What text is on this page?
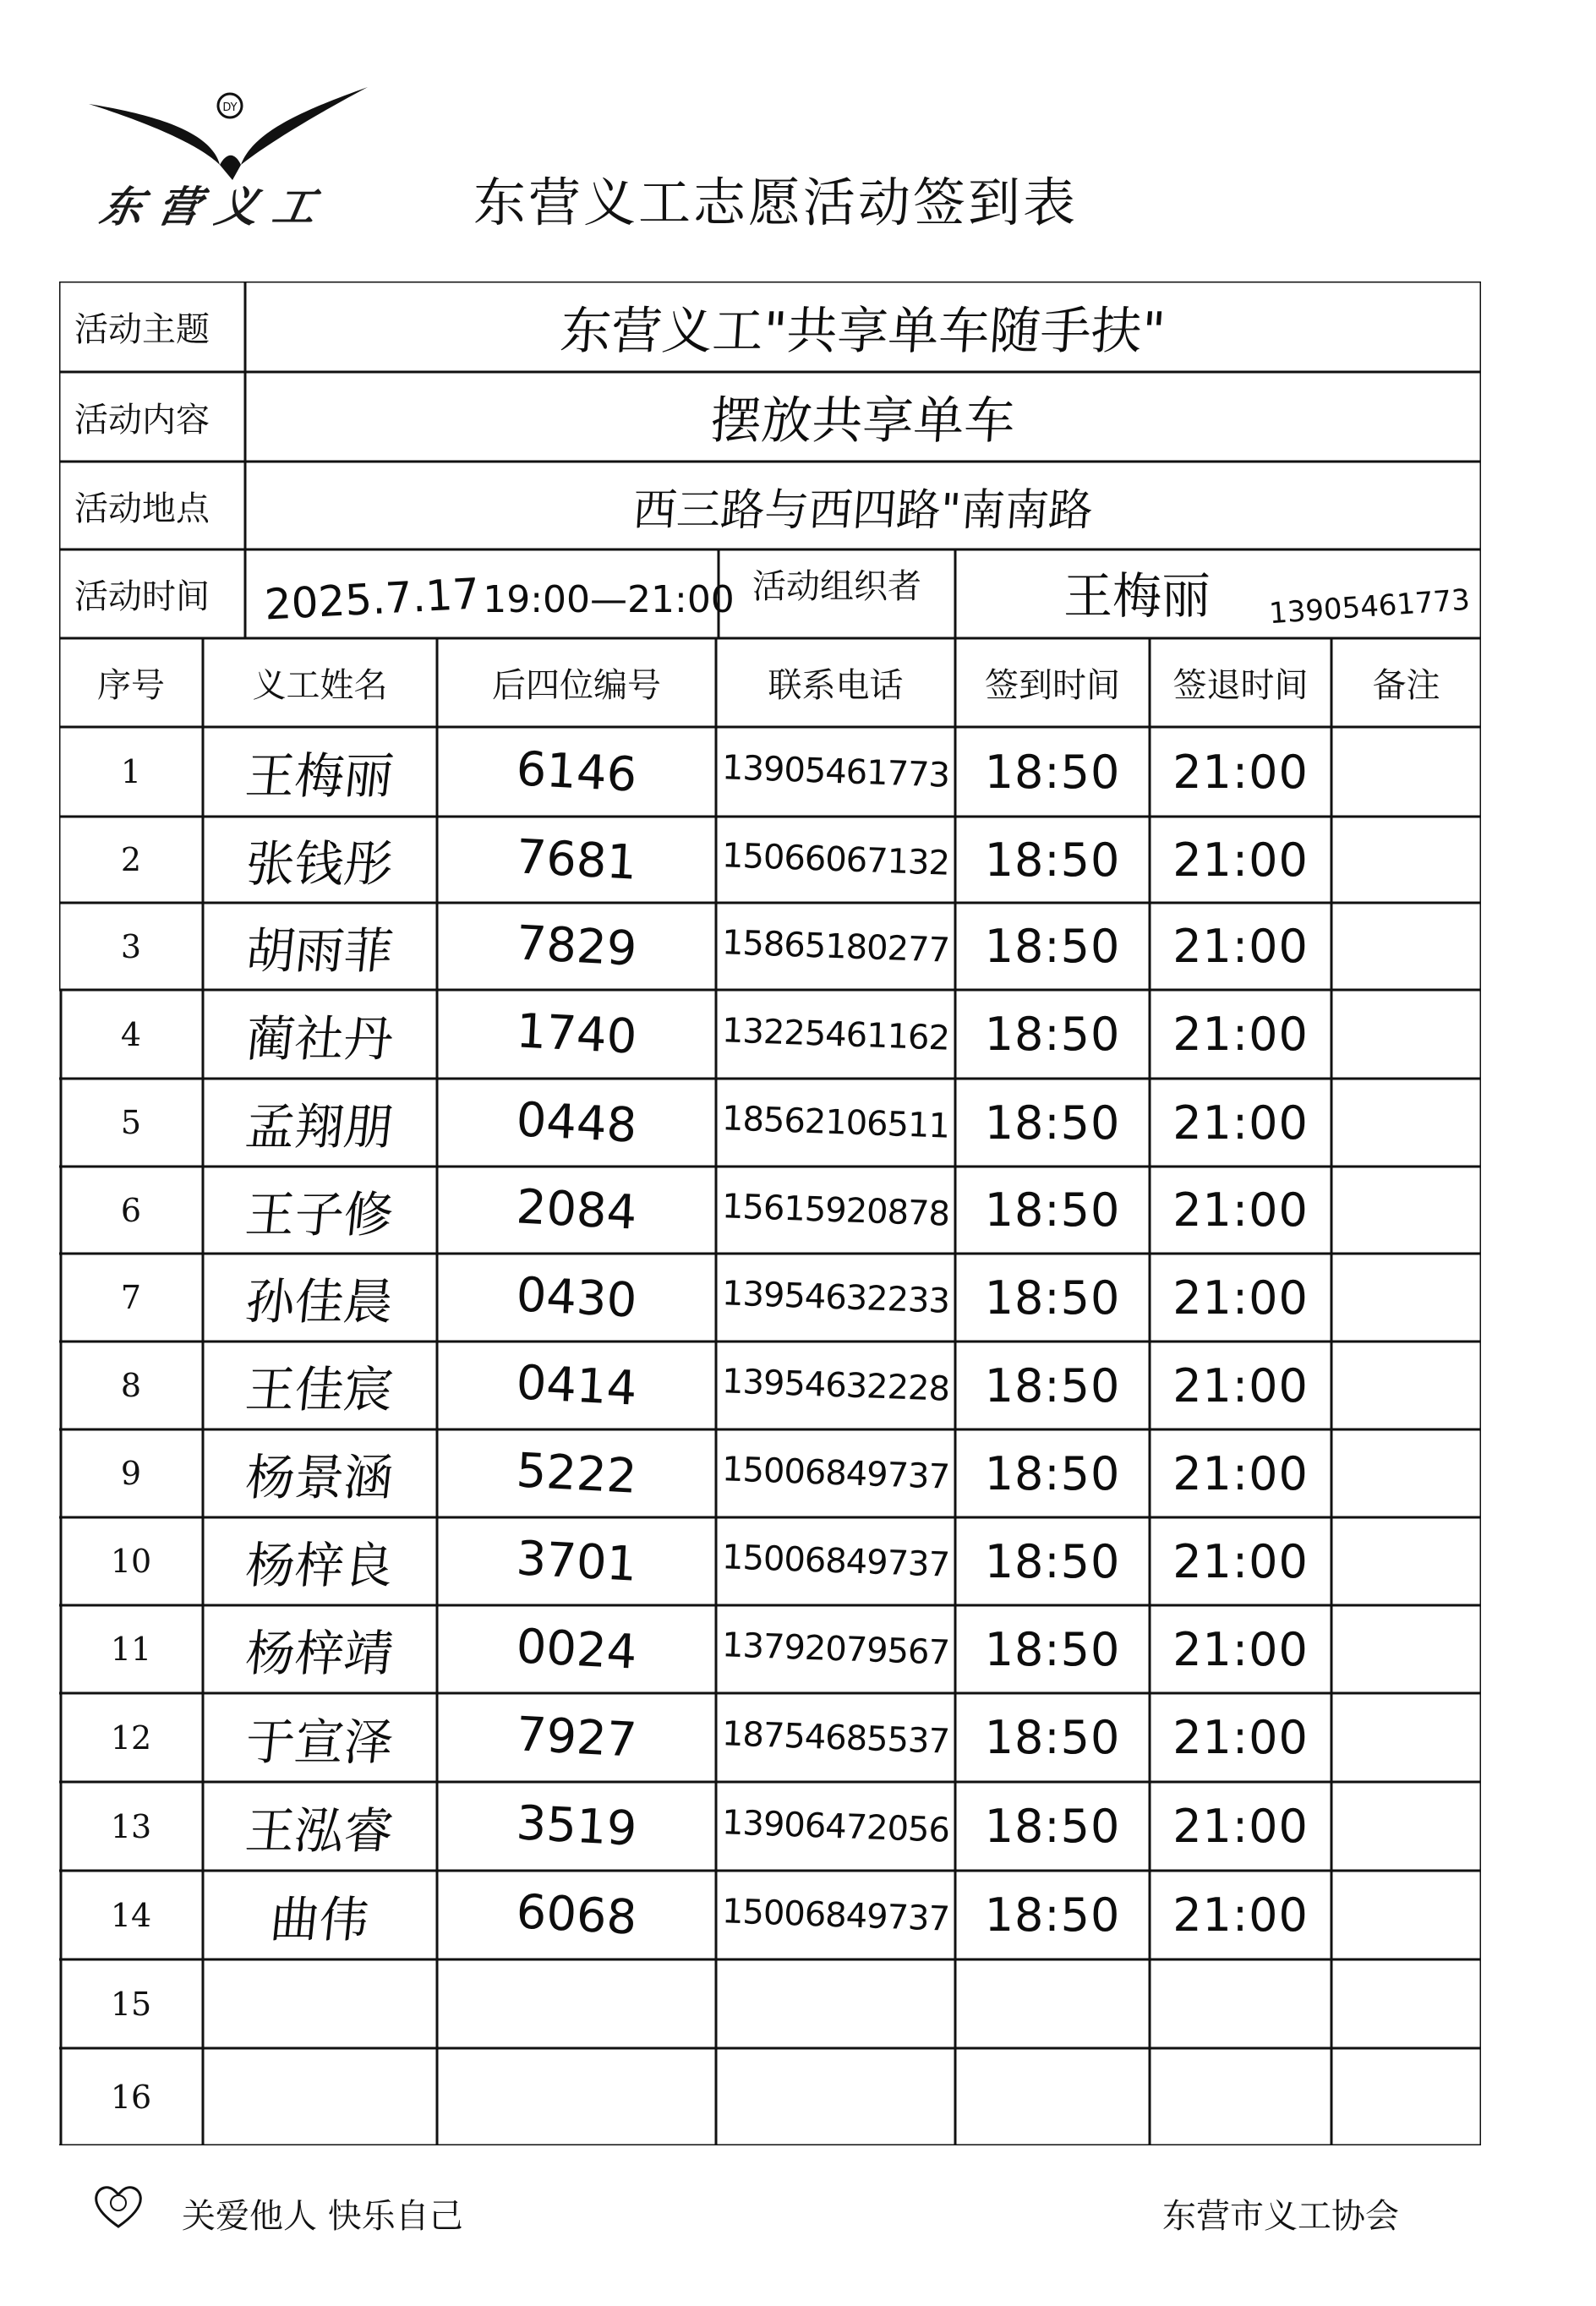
DY
东营义工	东营义工志愿活动签到表
活动主题	东营义工"共享单车随手扶"
活动内容	摆放共享单车
活动地点	西三路与西四路"南南路
活动时间	2025.7.17 19:00—21:00 活动组织者	王梅丽	13905461773
序号	义工姓名	后四位编号	联系电话	签到时间	签退时间	备注
1	王梅丽	6146	13905461773 18:50	21:00
2	张钱彤	7681	15066067132 18:50	21:00
3	胡雨菲	7829	15865180277 18:50	21:00
4	蔺社丹	1740	13225461162 18:50	21:00
5	孟翔朋	0448	18562106511 18:50	21:00
6	王子修	2084	15615920878 18:50	21:00
7	孙佳晨	0430	13954632233 18:50	21:00
8	王佳宸	0414	13954632228 18:50	21:00
9	杨景涵	5222	15006849737 18:50	21:00
10	杨梓良	3701	15006849737 18:50	21:00
11	杨梓靖	0024	13792079567 18:50	21:00
12	于宣泽	7927	18754685537 18:50	21:00
13	王泓睿	3519	13906472056 18:50	21:00
14	曲伟	6068	15006849737 18:50	21:00
15
16
关爱他人 快乐自己	东营市义工协会
